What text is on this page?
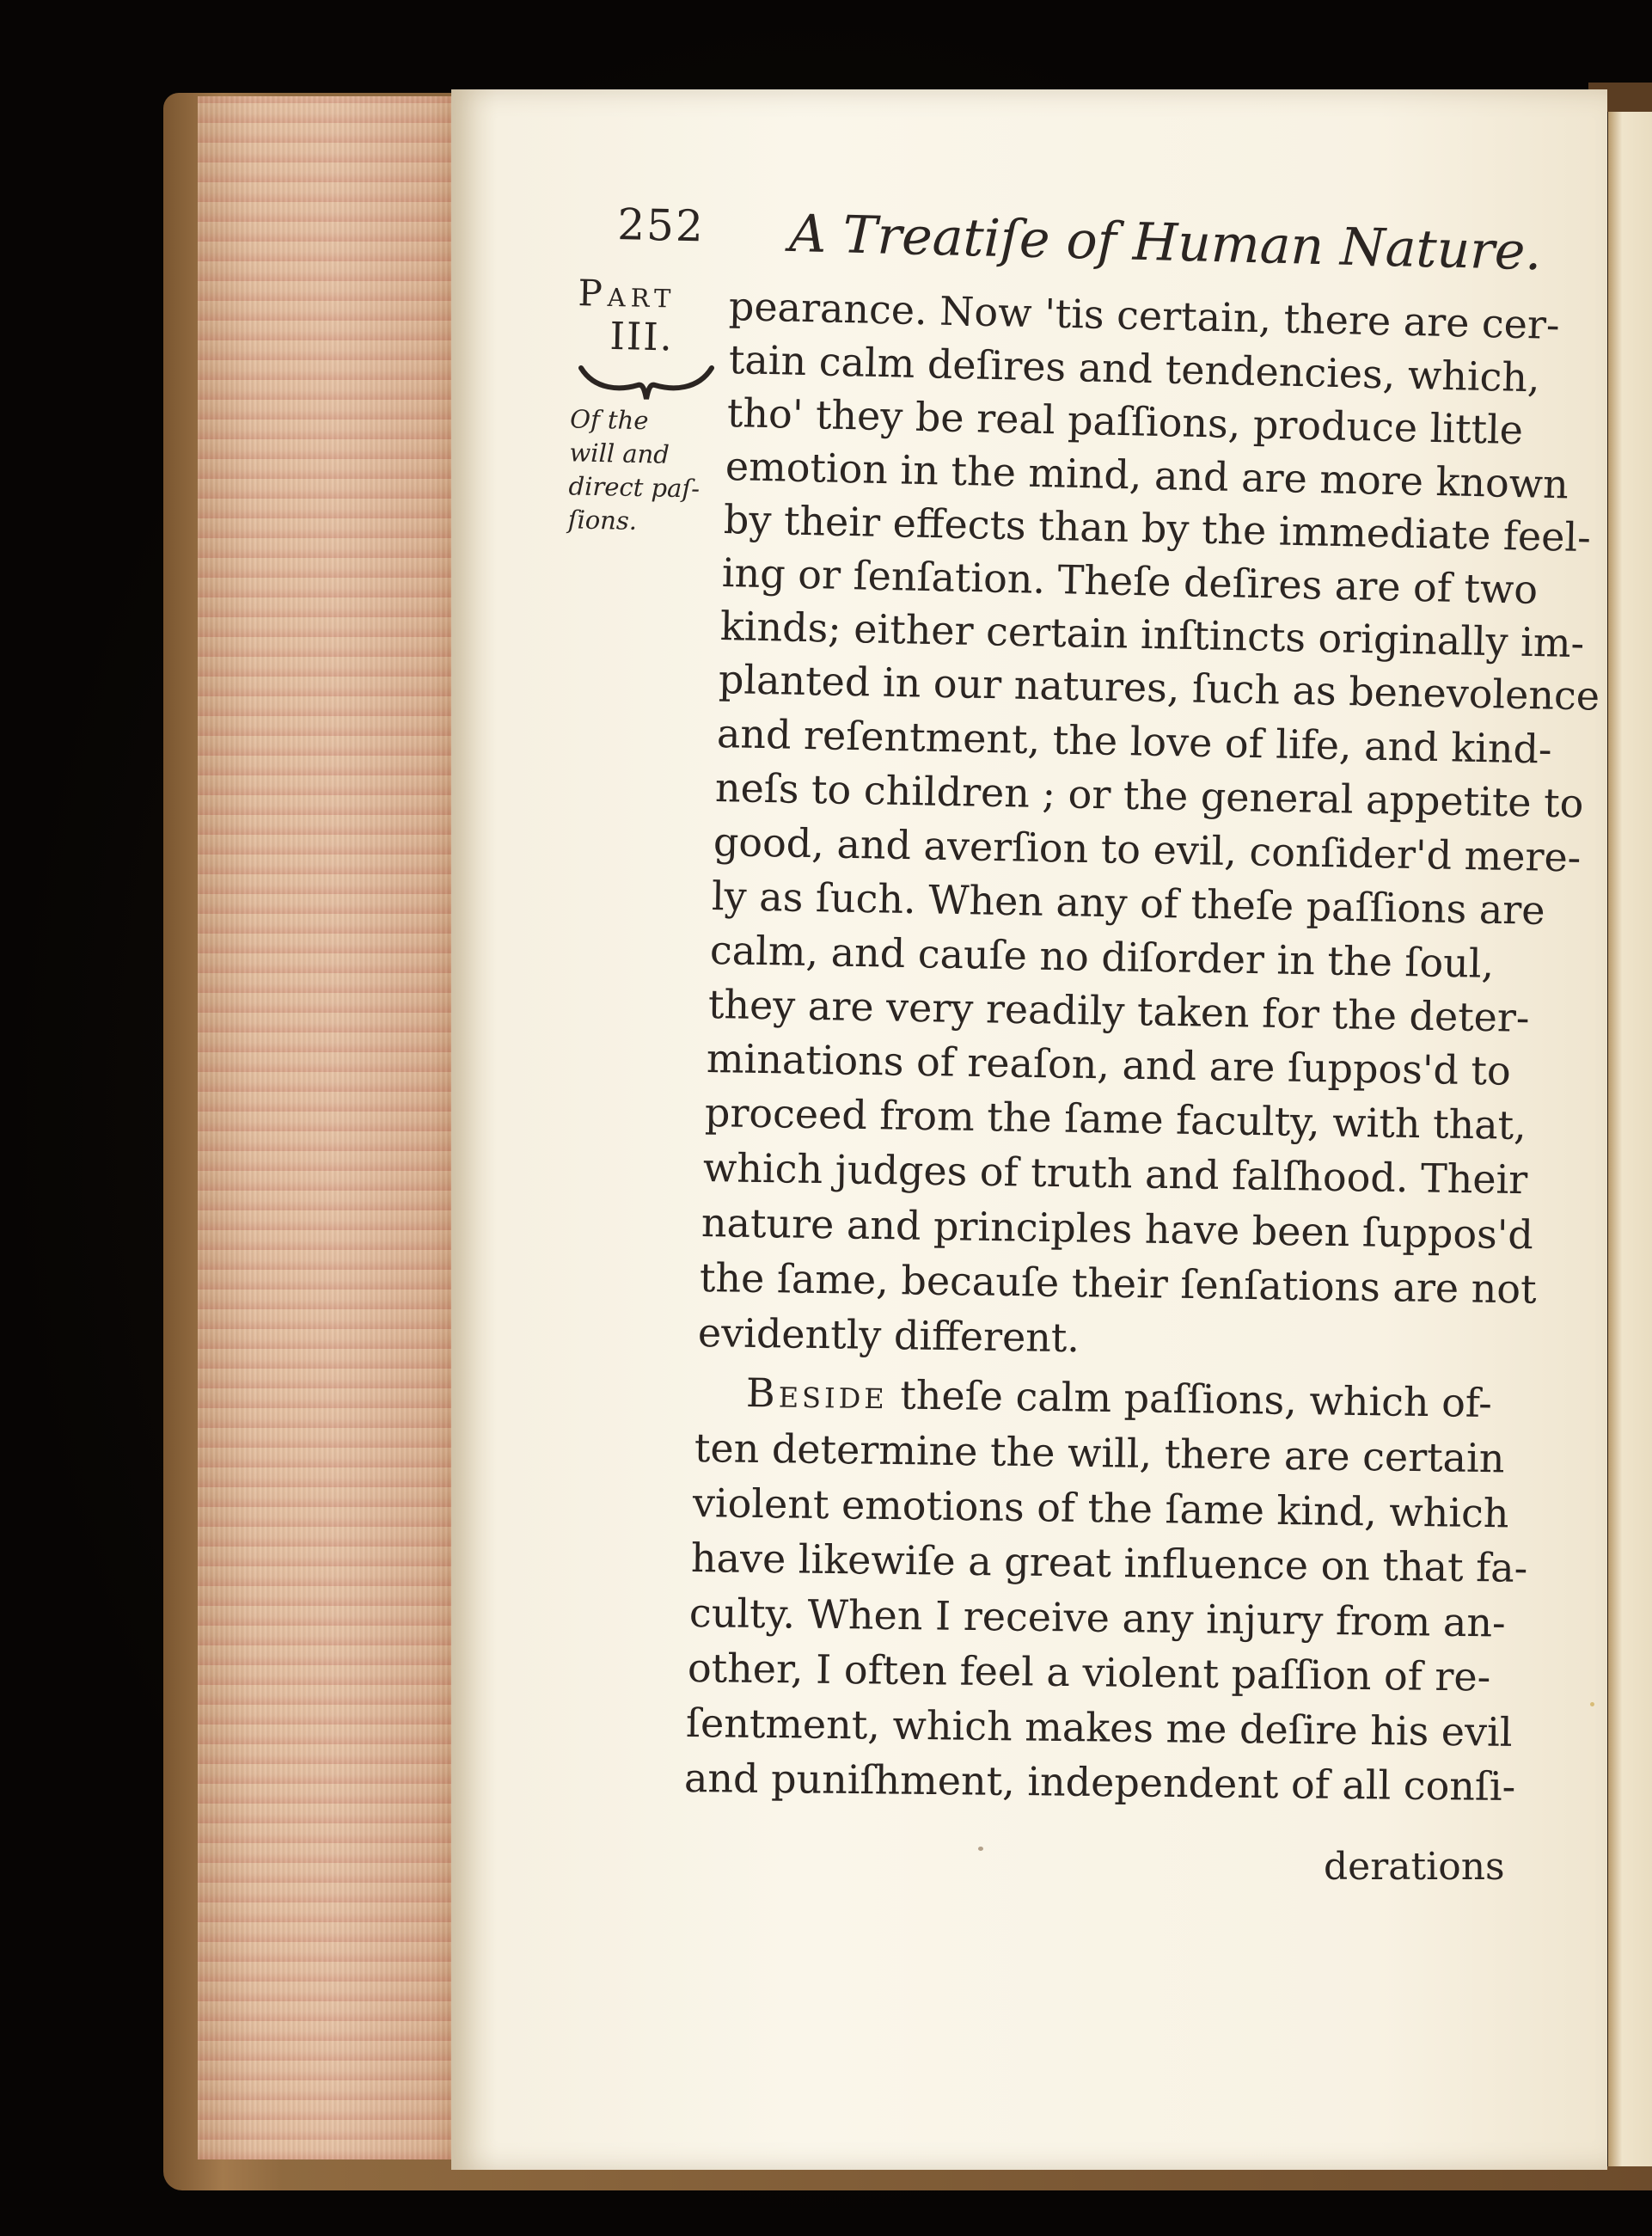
252 A Treatiſe of Human Nature.
Part
III.
Of the
will and
direct paſ-
ſions.
pearance. Now 'tis certain, there are cer-
tain calm deſires and tendencies, which,
tho' they be real paſſions, produce little
emotion in the mind, and are more known
by their effects than by the immediate feel-
ing or ſenſation. Theſe deſires are of two
kinds; either certain inſtincts originally im-
planted in our natures, ſuch as benevolence
and reſentment, the love of life, and kind-
neſs to children ; or the general appetite to
good, and averſion to evil, conſider'd mere-
ly as ſuch. When any of theſe paſſions are
calm, and cauſe no diſorder in the ſoul,
they are very readily taken for the deter-
minations of reaſon, and are ſuppos'd to
proceed from the ſame faculty, with that,
which judges of truth and falſhood. Their
nature and principles have been ſuppos'd
the ſame, becauſe their ſenſations are not
evidently different.
Beside theſe calm paſſions, which of-
ten determine the will, there are certain
violent emotions of the ſame kind, which
have likewiſe a great influence on that fa-
culty. When I receive any injury from an-
other, I often feel a violent paſſion of re-
ſentment, which makes me deſire his evil
and puniſhment, independent of all conſi-
derations
